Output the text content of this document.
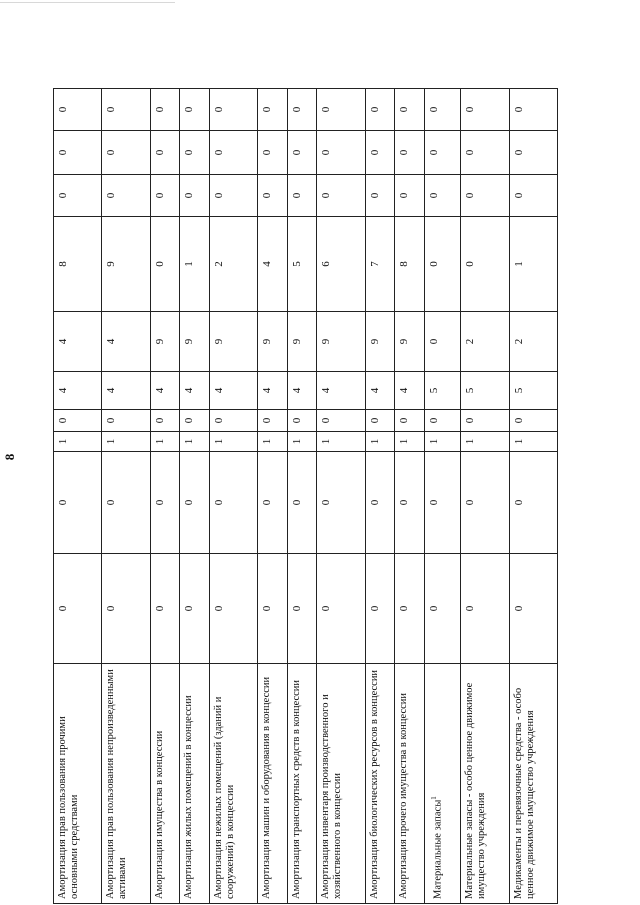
8
Амортизация прав пользования прочими основными средствами	0	0	1	0	4	4	8	0	0	0
Амортизация прав пользования непроизведенными активами	0	0	1	0	4	4	9	0	0	0
Амортизация имущества в концессии	0	0	1	0	4	9	0	0	0	0
Амортизация жилых помещений в концессии	0	0	1	0	4	9	1	0	0	0
Амортизация нежилых помещений (зданий и сооружений) в концессии	0	0	1	0	4	9	2	0	0	0
Амортизация машин и оборудования в концессии	0	0	1	0	4	9	4	0	0	0
Амортизация транспортных средств в концессии	0	0	1	0	4	9	5	0	0	0
Амортизация инвентаря производственного и хозяйственного в концессии	0	0	1	0	4	9	6	0	0	0
Амортизация биологических ресурсов в концессии	0	0	1	0	4	9	7	0	0	0
Амортизация прочего имущества в концессии	0	0	1	0	4	9	8	0	0	0
Материальные запасы$^1$	0	0	1	0	5	0	0	0	0	0
Материальные запасы - особо ценное движимое имущество учреждения	0	0	1	0	5	2	0	0	0	0
Медикаменты и перевязочные средства - особо ценное движимое имущество учреждения	0	0	1	0	5	2	1	0	0	0
